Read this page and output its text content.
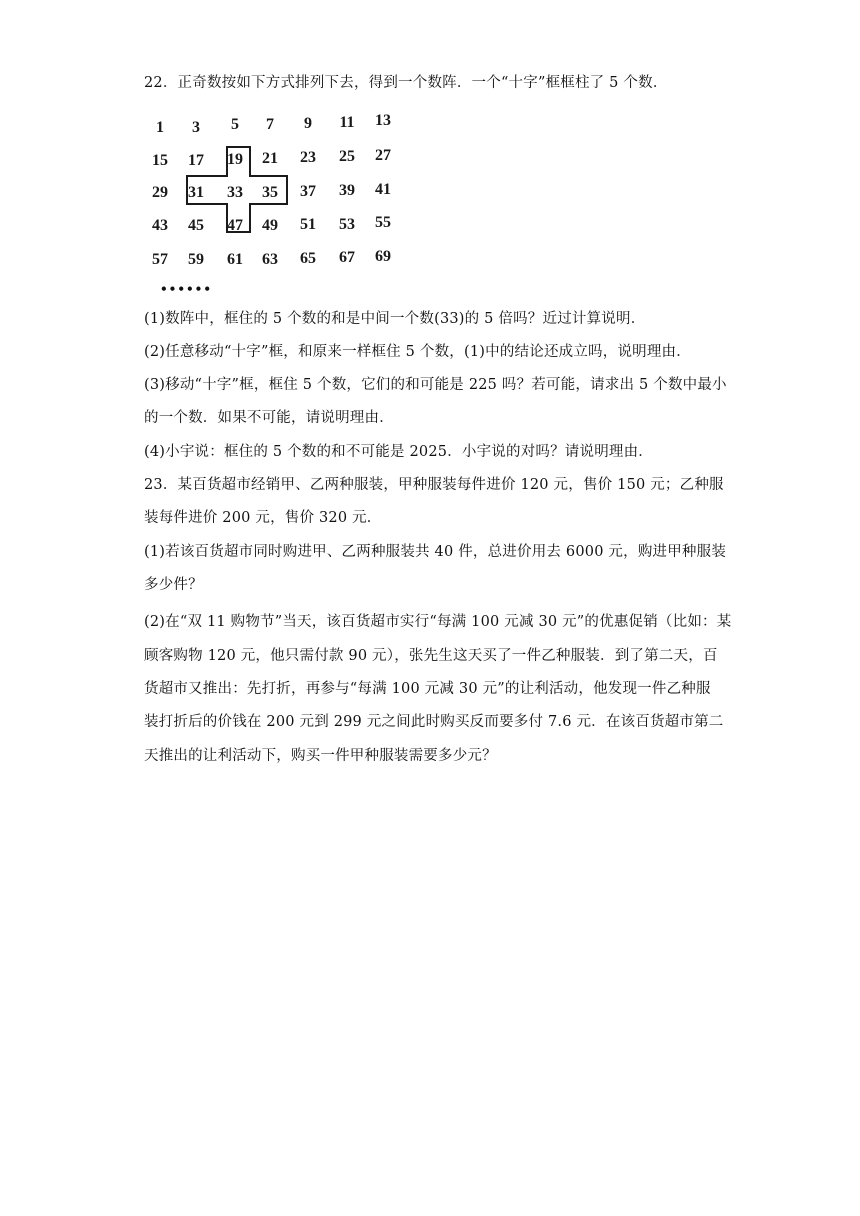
22．正奇数按如下方式排列下去，得到一个数阵．一个“十字”框框柱了 5 个数．
1 3 5 7 9 11 13
15 17 19 21 23 25 27
29 31 33 35 37 39 41
43 45 47 49 51 53 55
57 59 61 63 65 67 69
••••••
(1)数阵中，框住的 5 个数的和是中间一个数(33)的 5 倍吗？近过计算说明．
(2)任意移动“十字”框，和原来一样框住 5 个数，(1)中的结论还成立吗，说明理由．
(3)移动“十字”框，框住 5 个数，它们的和可能是 225 吗？若可能，请求出 5 个数中最小
的一个数．如果不可能，请说明理由．
(4)小宇说：框住的 5 个数的和不可能是 2025．小宇说的对吗？请说明理由．
23．某百货超市经销甲、乙两种服装，甲种服装每件进价 120 元，售价 150 元；乙种服
装每件进价 200 元，售价 320 元．
(1)若该百货超市同时购进甲、乙两种服装共 40 件，总进价用去 6000 元，购进甲种服装
多少件？
(2)在“双 11 购物节”当天，该百货超市实行“每满 100 元减 30 元”的优惠促销（比如：某
顾客购物 120 元，他只需付款 90 元），张先生这天买了一件乙种服装．到了第二天，百
货超市又推出：先打折，再参与“每满 100 元减 30 元”的让利活动，他发现一件乙种服
装打折后的价钱在 200 元到 299 元之间此时购买反而要多付 7.6 元．在该百货超市第二
天推出的让利活动下，购买一件甲种服装需要多少元？
